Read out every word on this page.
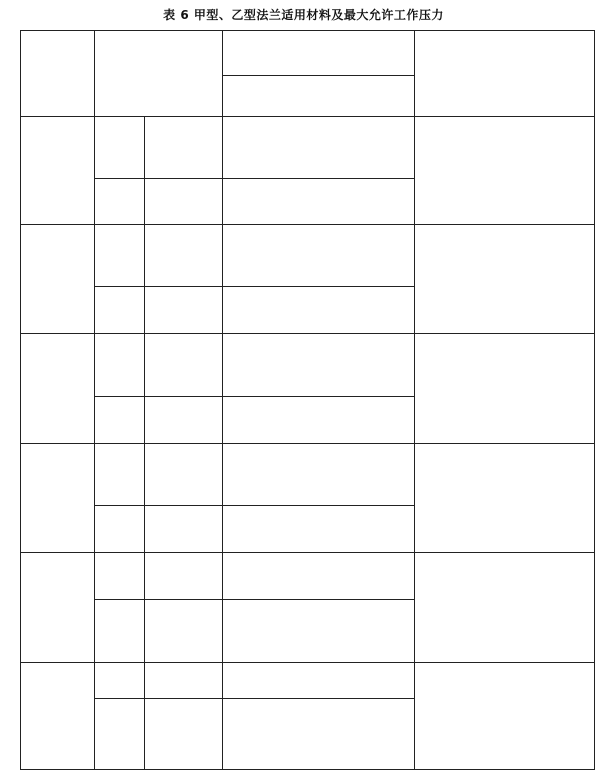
表 6 甲型、乙型法兰适用材料及最大允许工作压力
